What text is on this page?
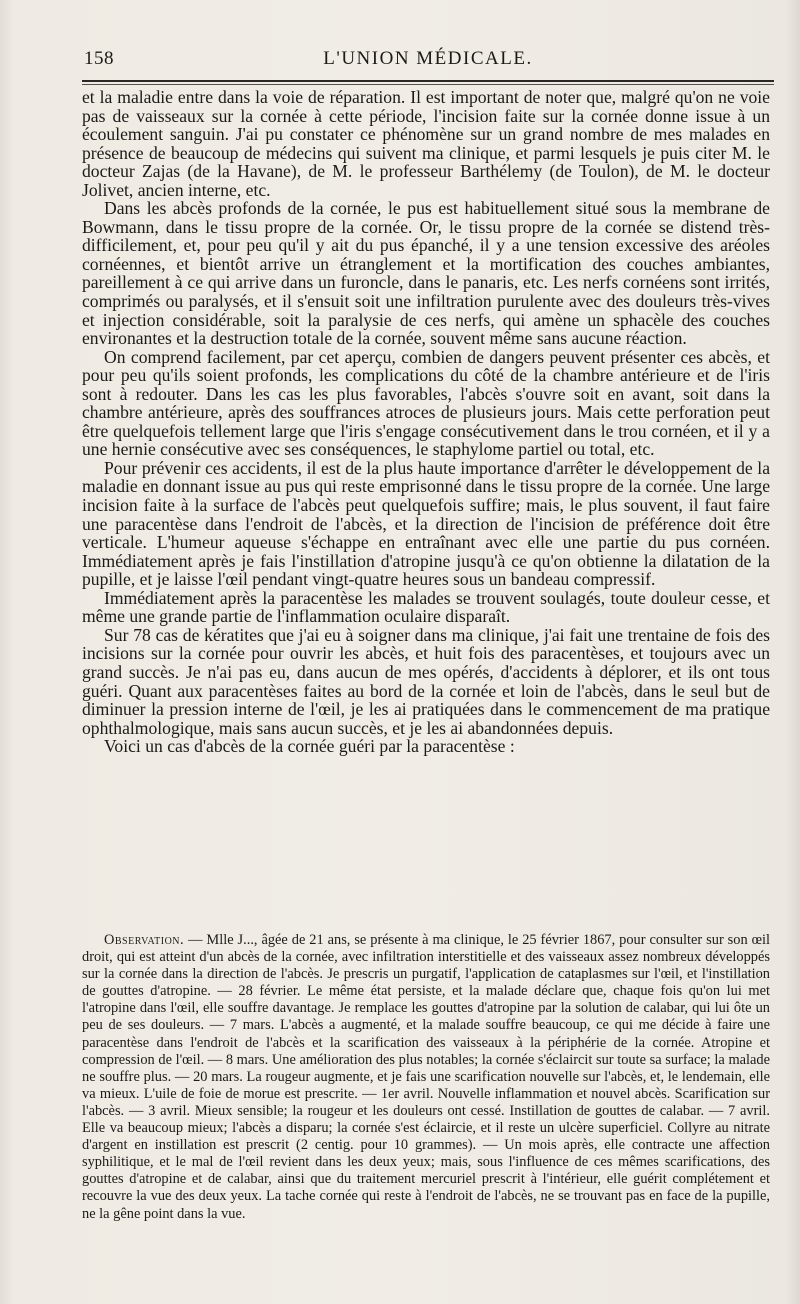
158	L'UNION MÉDICALE.

et la maladie entre dans la voie de réparation. Il est important de noter que, malgré qu'on ne voie pas de vaisseaux sur la cornée à cette période, l'incision faite sur la cornée donne issue à un écoulement sanguin. J'ai pu constater ce phénomène sur un grand nombre de mes malades en présence de beaucoup de médecins qui suivent ma clinique, et parmi lesquels je puis citer M. le docteur Zajas (de la Havane), de M. le professeur Barthélemy (de Toulon), de M. le docteur Jolivet, ancien interne, etc.

Dans les abcès profonds de la cornée, le pus est habituellement situé sous la membrane de Bowmann, dans le tissu propre de la cornée. Or, le tissu propre de la cornée se distend très-difficilement, et, pour peu qu'il y ait du pus épanché, il y a une tension excessive des aréoles cornéennes, et bientôt arrive un étranglement et la mortification des couches ambiantes, pareillement à ce qui arrive dans un furoncle, dans le panaris, etc. Les nerfs cornéens sont irrités, comprimés ou paralysés, et il s'ensuit soit une infiltration purulente avec des douleurs très-vives et injection considérable, soit la paralysie de ces nerfs, qui amène un sphacèle des couches environantes et la destruction totale de la cornée, souvent même sans aucune réaction.

On comprend facilement, par cet aperçu, combien de dangers peuvent présenter ces abcès, et pour peu qu'ils soient profonds, les complications du côté de la chambre antérieure et de l'iris sont à redouter. Dans les cas les plus favorables, l'abcès s'ouvre soit en avant, soit dans la chambre antérieure, après des souffrances atroces de plusieurs jours. Mais cette perforation peut être quelquefois tellement large que l'iris s'engage consécutivement dans le trou cornéen, et il y a une hernie consécutive avec ses conséquences, le staphylome partiel ou total, etc.

Pour prévenir ces accidents, il est de la plus haute importance d'arrêter le développement de la maladie en donnant issue au pus qui reste emprisonné dans le tissu propre de la cornée. Une large incision faite à la surface de l'abcès peut quelquefois suffire; mais, le plus souvent, il faut faire une paracentèse dans l'endroit de l'abcès, et la direction de l'incision de préférence doit être verticale. L'humeur aqueuse s'échappe en entraînant avec elle une partie du pus cornéen. Immédiatement après je fais l'instillation d'atropine jusqu'à ce qu'on obtienne la dilatation de la pupille, et je laisse l'œil pendant vingt-quatre heures sous un bandeau compressif.

Immédiatement après la paracentèse les malades se trouvent soulagés, toute douleur cesse, et même une grande partie de l'inflammation oculaire disparaît.

Sur 78 cas de kératites que j'ai eu à soigner dans ma clinique, j'ai fait une trentaine de fois des incisions sur la cornée pour ouvrir les abcès, et huit fois des paracentèses, et toujours avec un grand succès. Je n'ai pas eu, dans aucun de mes opérés, d'accidents à déplorer, et ils ont tous guéri. Quant aux paracentèses faites au bord de la cornée et loin de l'abcès, dans le seul but de diminuer la pression interne de l'œil, je les ai pratiquées dans le commencement de ma pratique ophthalmologique, mais sans aucun succès, et je les ai abandonnées depuis.

Voici un cas d'abcès de la cornée guéri par la paracentèse :

Observation. — Mlle J..., âgée de 21 ans, se présente à ma clinique, le 25 février 1867, pour consulter sur son œil droit, qui est atteint d'un abcès de la cornée, avec infiltration interstitielle et des vaisseaux assez nombreux développés sur la cornée dans la direction de l'abcès. Je prescris un purgatif, l'application de cataplasmes sur l'œil, et l'instillation de gouttes d'atropine. — 28 février. Le même état persiste, et la malade déclare que, chaque fois qu'on lui met l'atropine dans l'œil, elle souffre davantage. Je remplace les gouttes d'atropine par la solution de calabar, qui lui ôte un peu de ses douleurs. — 7 mars. L'abcès a augmenté, et la malade souffre beaucoup, ce qui me décide à faire une paracentèse dans l'endroit de l'abcès et la scarification des vaisseaux à la périphérie de la cornée. Atropine et compression de l'œil. — 8 mars. Une amélioration des plus notables; la cornée s'éclaircit sur toute sa surface; la malade ne souffre plus. — 20 mars. La rougeur augmente, et je fais une scarification nouvelle sur l'abcès, et, le lendemain, elle va mieux. L'uile de foie de morue est prescrite. — 1er avril. Nouvelle inflammation et nouvel abcès. Scarification sur l'abcès. — 3 avril. Mieux sensible; la rougeur et les douleurs ont cessé. Instillation de gouttes de calabar. — 7 avril. Elle va beaucoup mieux; l'abcès a disparu; la cornée s'est éclaircie, et il reste un ulcère superficiel. Collyre au nitrate d'argent en instillation est prescrit (2 centig. pour 10 grammes). — Un mois après, elle contracte une affection syphilitique, et le mal de l'œil revient dans les deux yeux; mais, sous l'influence de ces mêmes scarifications, des gouttes d'atropine et de calabar, ainsi que du traitement mercuriel prescrit à l'intérieur, elle guérit complétement et recouvre la vue des deux yeux. La tache cornée qui reste à l'endroit de l'abcès, ne se trouvant pas en face de la pupille, ne la gêne point dans la vue.
